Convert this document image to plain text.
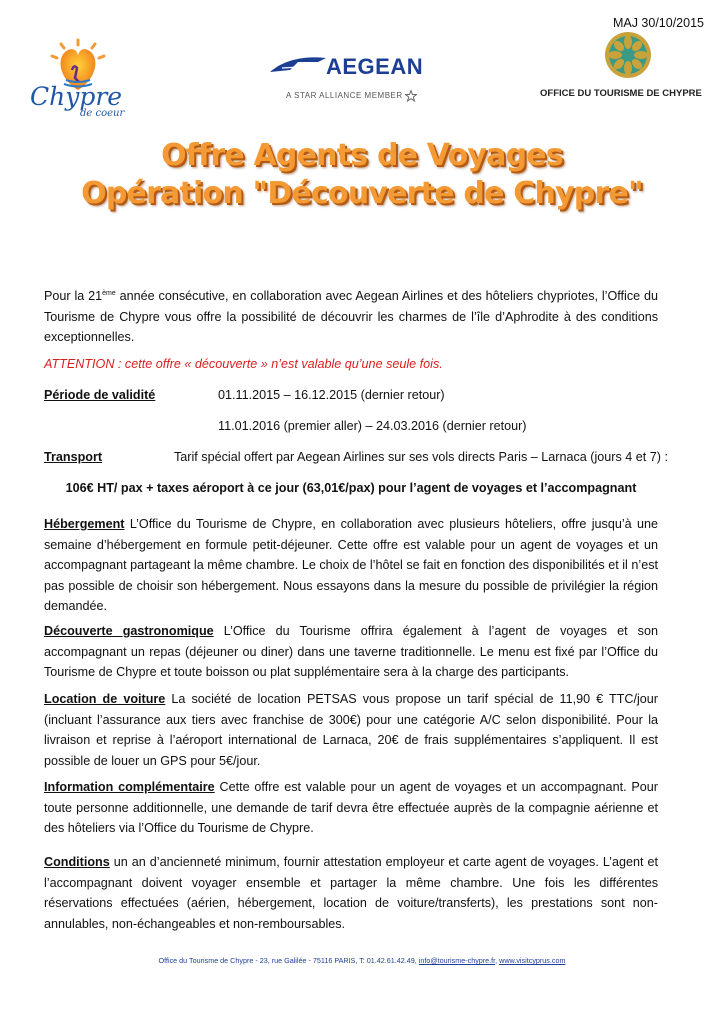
MAJ 30/10/2015
Chypre
de coeur
AEGEAN
A STAR ALLIANCE MEMBER	OFFICE DU TOURISME DE CHYPRE
Offre Agents de Voyages
Opération "Découverte de Chypre"
Pour la 21ème année consécutive, en collaboration avec Aegean Airlines et des hôteliers chypriotes, l’Office du Tourisme de Chypre vous offre la possibilité de découvrir les charmes de l’île d’Aphrodite à des conditions exceptionnelles.
ATTENTION : cette offre « découverte » n’est valable qu’une seule fois.
Période de validité	01.11.2015 – 16.12.2015 (dernier retour)
11.01.2016 (premier aller) – 24.03.2016 (dernier retour)
Transport	Tarif spécial offert par Aegean Airlines sur ses vols directs Paris – Larnaca (jours 4 et 7) :
106€ HT/ pax + taxes aéroport à ce jour (63,01€/pax) pour l’agent de voyages et l’accompagnant
Hébergement L’Office du Tourisme de Chypre, en collaboration avec plusieurs hôteliers, offre jusqu’à une semaine d’hébergement en formule petit-déjeuner. Cette offre est valable pour un agent de voyages et un accompagnant partageant la même chambre. Le choix de l’hôtel se fait en fonction des disponibilités et il n’est pas possible de choisir son hébergement. Nous essayons dans la mesure du possible de privilégier la région demandée.
Découverte gastronomique L’Office du Tourisme offrira également à l’agent de voyages et son accompagnant un repas (déjeuner ou diner) dans une taverne traditionnelle. Le menu est fixé par l’Office du Tourisme de Chypre et toute boisson ou plat supplémentaire sera à la charge des participants.
Location de voiture La société de location PETSAS vous propose un tarif spécial de 11,90 € TTC/jour (incluant l’assurance aux tiers avec franchise de 300€) pour une catégorie A/C selon disponibilité. Pour la livraison et reprise à l’aéroport international de Larnaca, 20€ de frais supplémentaires s’appliquent. Il est possible de louer un GPS pour 5€/jour.
Information complémentaire Cette offre est valable pour un agent de voyages et un accompagnant. Pour toute personne additionnelle, une demande de tarif devra être effectuée auprès de la compagnie aérienne et des hôteliers via l’Office du Tourisme de Chypre.
Conditions un an d’ancienneté minimum, fournir attestation employeur et carte agent de voyages. L’agent et l’accompagnant doivent voyager ensemble et partager la même chambre. Une fois les différentes réservations effectuées (aérien, hébergement, location de voiture/transferts), les prestations sont non-annulables, non-échangeables et non-remboursables.
Office du Tourisme de Chypre - 23, rue Galilée - 75116 PARIS, T: 01.42.61.42.49, info@tourisme-chypre.fr, www.visitcyprus.com
